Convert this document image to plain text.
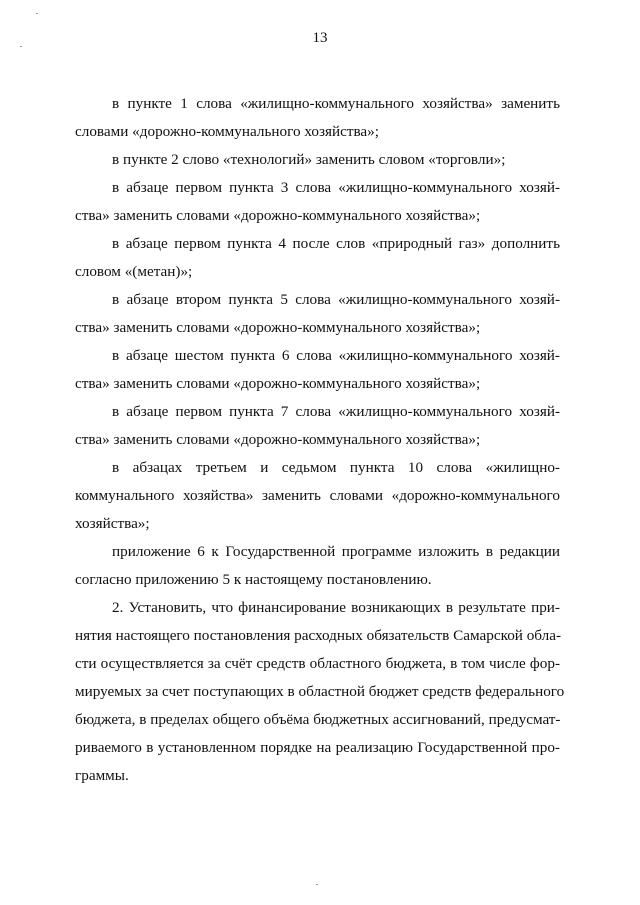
13
в пункте 1 слова «жилищно-коммунального хозяйства» заменить
словами «дорожно-коммунального хозяйства»;
в пункте 2 слово «технологий» заменить словом «торговли»;
в абзаце первом пункта 3 слова «жилищно-коммунального хозяй-
ства» заменить словами «дорожно-коммунального хозяйства»;
в абзаце первом пункта 4 после слов «природный газ» дополнить
словом «(метан)»;
в абзаце втором пункта 5 слова «жилищно-коммунального хозяй-
ства» заменить словами «дорожно-коммунального хозяйства»;
в абзаце шестом пункта 6 слова «жилищно-коммунального хозяй-
ства» заменить словами «дорожно-коммунального хозяйства»;
в абзаце первом пункта 7 слова «жилищно-коммунального хозяй-
ства» заменить словами «дорожно-коммунального хозяйства»;
в абзацах третьем и седьмом пункта 10 слова «жилищно-
коммунального хозяйства» заменить словами «дорожно-коммунального
хозяйства»;
приложение 6 к Государственной программе изложить в редакции
согласно приложению 5 к настоящему постановлению.
2. Установить, что финансирование возникающих в результате при-
нятия настоящего постановления расходных обязательств Самарской обла-
сти осуществляется за счёт средств областного бюджета, в том числе фор-
мируемых за счет поступающих в областной бюджет средств федерального
бюджета, в пределах общего объёма бюджетных ассигнований, предусмат-
риваемого в установленном порядке на реализацию Государственной про-
граммы.
